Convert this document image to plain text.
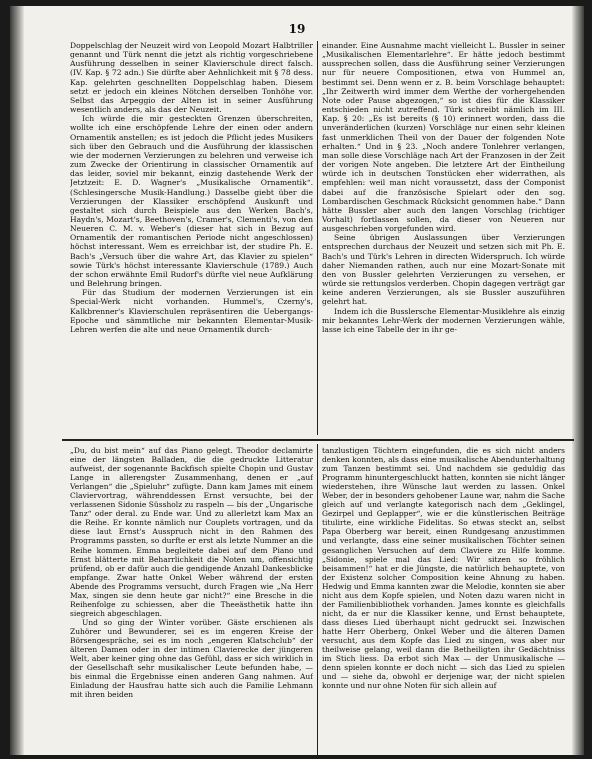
19

Doppelschlag der Neuzeit wird von Leopold Mozart Halbtriller genannt und Türk nennt die jetzt als richtig vorgeschriebene Ausführung desselben in seiner Klavierschule direct falsch. (IV. Kap. § 72 adn.) Sie dürfte aber Aehnlichkeit mit § 78 dess. Kap. gelehrten geschnellten Doppelschlag haben. Diesem setzt er jedoch ein kleines Nötchen derselben Tonhöhe vor. Selbst das Arpeggio der Alten ist in seiner Ausführung wesentlich anders, als das der Neuzeit.

Ich würde die mir gesteckten Grenzen überschreiten, wollte ich eine erschöpfende Lehre der einen oder andern Ornamentik anstellen; es ist jedoch die Pflicht jedes Musikers sich über den Gebrauch und die Ausführung der klassischen wie der modernen Verzierungen zu belehren und verweise ich zum Zwecke der Orientirung in classischer Ornamentik auf das leider, soviel mir bekannt, einzig dastehende Werk der Jetztzeit: E. D. Wagner's „Musikalische Ornamentik“. (Schlesingersche Musik-Handlung.) Dasselbe giebt über die Verzierungen der Klassiker erschöpfend Auskunft und gestaltet sich durch Beispiele aus den Werken Bach's, Haydn's, Mozart's, Beethoven's, Cramer's, Clementi's, von den Neueren C. M. v. Weber's (dieser hat sich in Bezug auf Ornamentik der romantischen Periode nicht angeschlossen) höchst interessant. Wem es erreichbar ist, der studire Ph. E. Bach's „Versuch über die wahre Art, das Klavier zu spielen“ sowie Türk's höchst interessante Klavierschule (1789.) Auch der schon erwähnte Emil Rudorf's dürfte viel neue Aufklärung und Belehrung bringen.

Für das Studium der modernen Verzierungen ist ein Special-Werk nicht vorhanden. Hummel's, Czerny's, Kalkbrenner's Klavierschulen repräsentiren die Uebergangs-Epoche und sämmtliche mir bekannten Elementar-Musik-Lehren werfen die alte und neue Ornamentik durch-

einander. Eine Ausnahme macht vielleicht L. Bussler in seiner „Musikalischen Elementarlehre“. Er hätte jedoch bestimmt aussprechen sollen, dass die Ausführung seiner Verzierungen nur für neuere Compositionen, etwa von Hummel an, bestimmt sei. Denn wenn er z. B. beim Vorschlage behauptet: „Ihr Zeitwerth wird immer dem Werthe der vorhergehenden Note oder Pause abgezogen,“ so ist dies für die Klassiker entschieden nicht zutreffend. Türk schreibt nämlich im III. Kap. § 20: „Es ist bereits (§ 10) erinnert worden, dass die unveränderlichen (kurzen) Vorschläge nur einen sehr kleinen fast unmerklichen Theil von der Dauer der folgenden Note erhalten.“ Und in § 23. „Noch andere Tonlehrer verlangen, man solle diese Vorschläge nach Art der Franzosen in der Zeit der vorigen Note angeben. Die letztere Art der Eintheilung würde ich in deutschen Tonstücken eher widerrathen, als empfehlen: weil man nicht voraussetzt, dass der Componist dabei auf die französische Spielart oder den sog. Lombardischen Geschmack Rücksicht genommen habe.“ Dann hätte Bussler aber auch den langen Vorschlag (richtiger Vorhalt) fortlassen sollen, da dieser von Neueren nur ausgeschrieben vorgefunden wird.

Seine übrigen Auslassungen über Verzierungen entsprechen durchaus der Neuzeit und setzen sich mit Ph. E. Bach's und Türk's Lehren in directen Widerspruch. Ich würde daher Niemanden rathen, auch nur eine Mozart-Sonate mit den von Bussler gelehrten Verzierungen zu versehen, er würde sie rettungslos verderben. Chopin dagegen verträgt gar keine anderen Verzierungen, als sie Bussler auszuführen gelehrt hat.

Indem ich die Busslersche Elementar-Musiklehre als einzig mir bekanntes Lehr-Werk der modernen Verzierungen wähle, lasse ich eine Tabelle der in ihr ge-

„Du, du bist mein“ auf das Piano gelegt. Theodor declamirte eine der längsten Balladen, die die gedruckte Litteratur aufweist, der sogenannte Backfisch spielte Chopin und Gustav Lange in allerengster Zusammenhang, denen er „auf Verlangen“ die „Spieluhr“ zufügte. Dann kam James mit einem Claviervortrag, währenddessen Ernst versuchte, bei der verlassenen Sidonie Süssholz zu raspeln — bis der „Ungarische Tanz“ oder deral. zu Ende war. Und zu allerletzt kam Max an die Reihe. Er konnte nämlich nur Couplets vortragen, und da diese laut Ernst's Ausspruch nicht in den Rahmen des Programms passten, so durfte er erst als letzte Nummer an die Reihe kommen. Emma begleitete dabei auf dem Piano und Ernst blätterte mit Beharrlichkeit die Noten um, offensichtig prüfend, ob er dafür auch die gendigende Anzahl Dankesblicke empfange. Zwar hatte Onkel Weber während der ersten Abende des Programms versucht, durch Fragen wie „Na Herr Max, singen sie denn heute gar nicht?“ eine Bresche in die Reihenfolge zu schiessen, aber die Theeästhetik hatte ihn siegreich abgeschlagen.

Und so ging der Winter vorüber. Gäste erschienen als Zuhörer und Bewunderer, sei es im engeren Kreise der Börsengespräche, sei es im noch „engeren Klatschclub“ der älteren Damen oder in der intimen Clavierecke der jüngeren Welt, aber keiner ging ohne das Gefühl, dass er sich wirklich in der Gesellschaft sehr musikalischer Leute befunden habe, — bis einmal die Ergebnisse einen anderen Gang nahmen. Auf Einladung der Hausfrau hatte sich auch die Familie Lehmann mit ihren beiden

tanzlustigen Töchtern eingefunden, die es sich nicht anders denken konnten, als dass eine musikalische Abendunterhaltung zum Tanzen bestimmt sei. Und nachdem sie geduldig das Programm hinuntergeschluckt hatten, konnten sie nicht länger wiederstehen, ihre Wünsche laut werden zu lassen. Onkel Weber, der in besonders gehobener Laune war, nahm die Sache gleich auf und verlangte kategorisch nach dem „Geklingel, Gezirpel und Geplapper“, wie er die künstlerischen Beiträge titulirte, eine wirkliche Fidelitas. So etwas steckt an, selbst Papa Oberberg war bereit, einen Rundgesang anzustimmen und verlangte, dass eine seiner musikalischen Töchter seinen gesanglichen Versuchen auf dem Claviere zu Hilfe komme. „Sidonie, spiele mal das Lied: Wir sitzen so fröhlich beisammen!“ hat er die Jüngste, die natürlich behauptete, von der Existenz solcher Composition keine Ahnung zu haben. Hedwig und Emma kannten zwar die Melodie, konnten sie aber nicht aus dem Kopfe spielen, und Noten dazu waren nicht in der Familienbibliothek vorhanden. James konnte es gleichfalls nicht, da er nur die Klassiker kenne, und Ernst behauptete, dass dieses Lied überhaupt nicht gedruckt sei. Inzwischen hatte Herr Oberberg, Onkel Weber und die älteren Damen versucht, aus dem Kopfe das Lied zu singen, was aber nur theilweise gelang, weil dann die Betheiligten ihr Gedächtniss im Stich liess. Da erbot sich Max — der Unmusikalische — denn spielen konnte er doch nicht — sich das Lied zu spielen und — siehe da, obwohl er derjenige war, der nicht spielen konnte und nur ohne Noten für sich allein auf
